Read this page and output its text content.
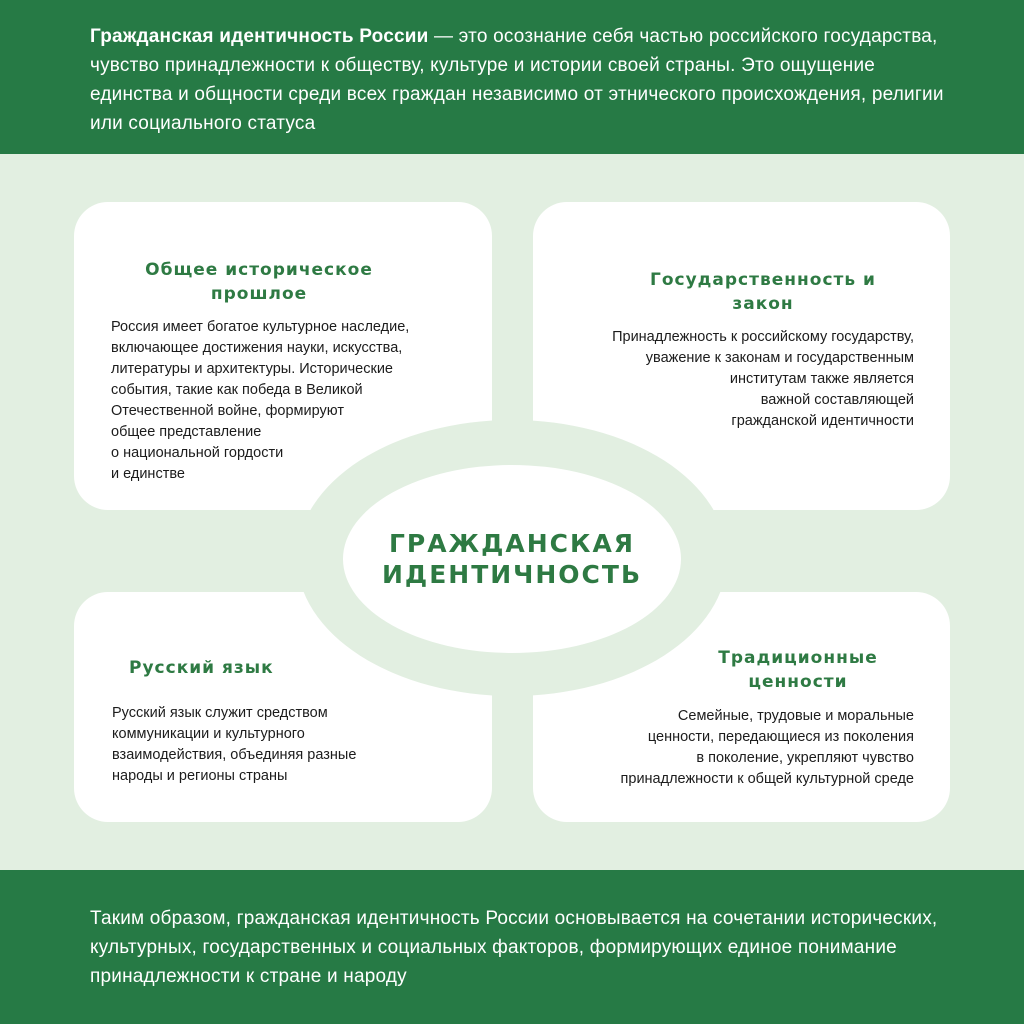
Гражданская идентичность России — это осознание себя частью российского государства, чувство принадлежности к обществу, культуре и истории своей страны. Это ощущение единства и общности среди всех граждан независимо от этнического происхождения, религии или социального статуса

Общее историческое прошлое
Россия имеет богатое культурное наследие,
включающее достижения науки, искусства,
литературы и архитектуры. Исторические
события, такие как победа в Великой
Отечественной войне, формируют
общее представление
о национальной гордости
и единстве
Государственность и закон
Принадлежность к российскому государству,
уважение к законам и государственным
институтам также является
важной составляющей
гражданской идентичности
Русский язык
Русский язык служит средством
коммуникации и культурного
взаимодействия, объединяя разные
народы и регионы страны
Традиционные ценности
Семейные, трудовые и моральные
ценности, передающиеся из поколения
в поколение, укрепляют чувство
принадлежности к общей культурной среде
ГРАЖДАНСКАЯ
ИДЕНТИЧНОСТЬ

Таким образом, гражданская идентичность России основывается на сочетании исторических, культурных, государственных и социальных факторов, формирующих единое понимание принадлежности к стране и народу
